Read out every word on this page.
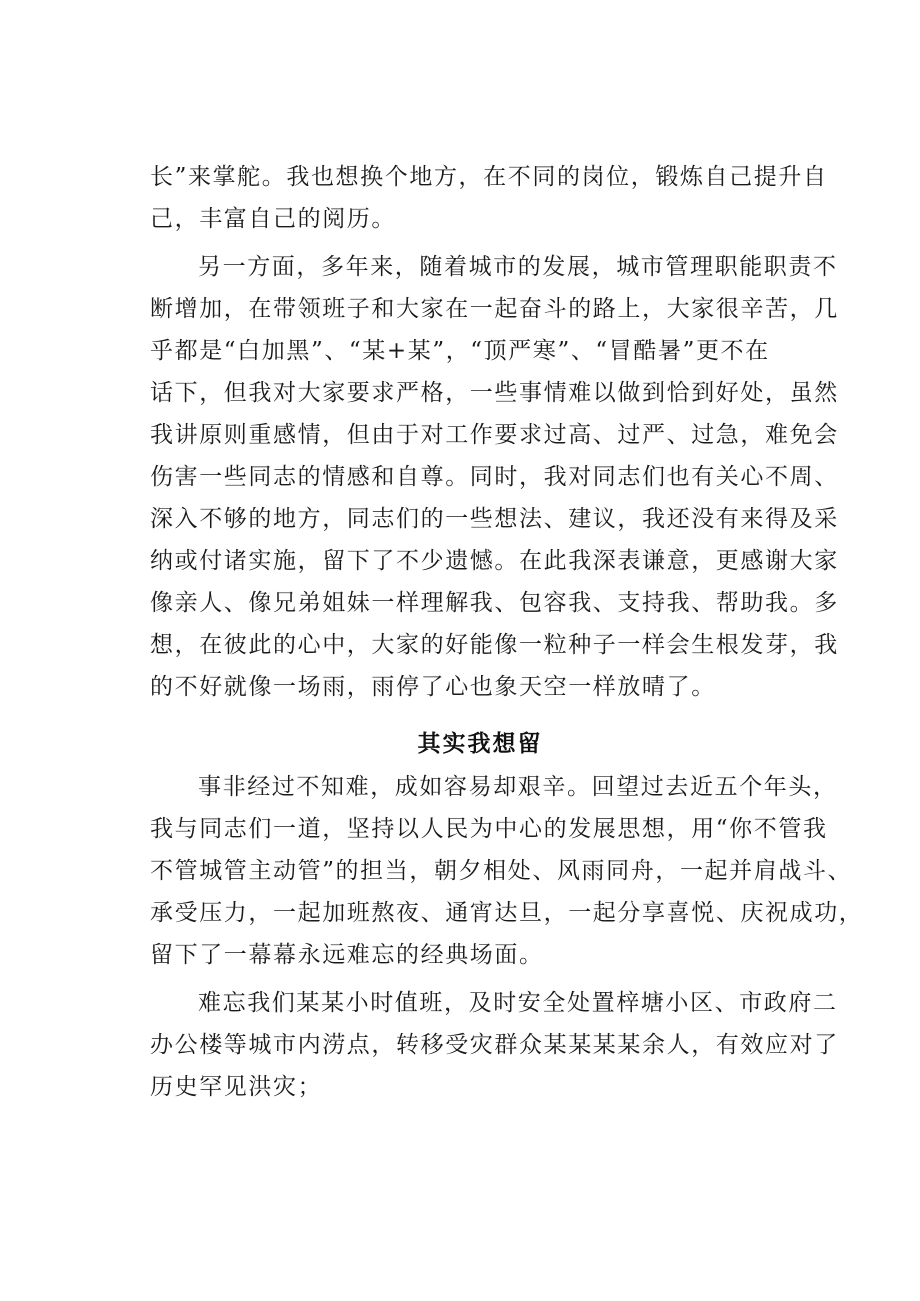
长”来掌舵。我也想换个地方，在不同的岗位，锻炼自己提升自
己，丰富自己的阅历。
另一方面，多年来，随着城市的发展，城市管理职能职责不
断增加，在带领班子和大家在一起奋斗的路上，大家很辛苦，几
乎都是“白加黑”、“某+某”，“顶严寒”、“冒酷暑”更不在
话下，但我对大家要求严格，一些事情难以做到恰到好处，虽然
我讲原则重感情，但由于对工作要求过高、过严、过急，难免会
伤害一些同志的情感和自尊。同时，我对同志们也有关心不周、
深入不够的地方，同志们的一些想法、建议，我还没有来得及采
纳或付诸实施，留下了不少遗憾。在此我深表谦意，更感谢大家
像亲人、像兄弟姐妹一样理解我、包容我、支持我、帮助我。多
想，在彼此的心中，大家的好能像一粒种子一样会生根发芽，我
的不好就像一场雨，雨停了心也象天空一样放晴了。
其实我想留
事非经过不知难，成如容易却艰辛。回望过去近五个年头，
我与同志们一道，坚持以人民为中心的发展思想，用“你不管我
不管城管主动管”的担当，朝夕相处、风雨同舟，一起并肩战斗、
承受压力，一起加班熬夜、通宵达旦，一起分享喜悦、庆祝成功，
留下了一幕幕永远难忘的经典场面。
难忘我们某某小时值班，及时安全处置梓塘小区、市政府二
办公楼等城市内涝点，转移受灾群众某某某某余人，有效应对了
历史罕见洪灾；
